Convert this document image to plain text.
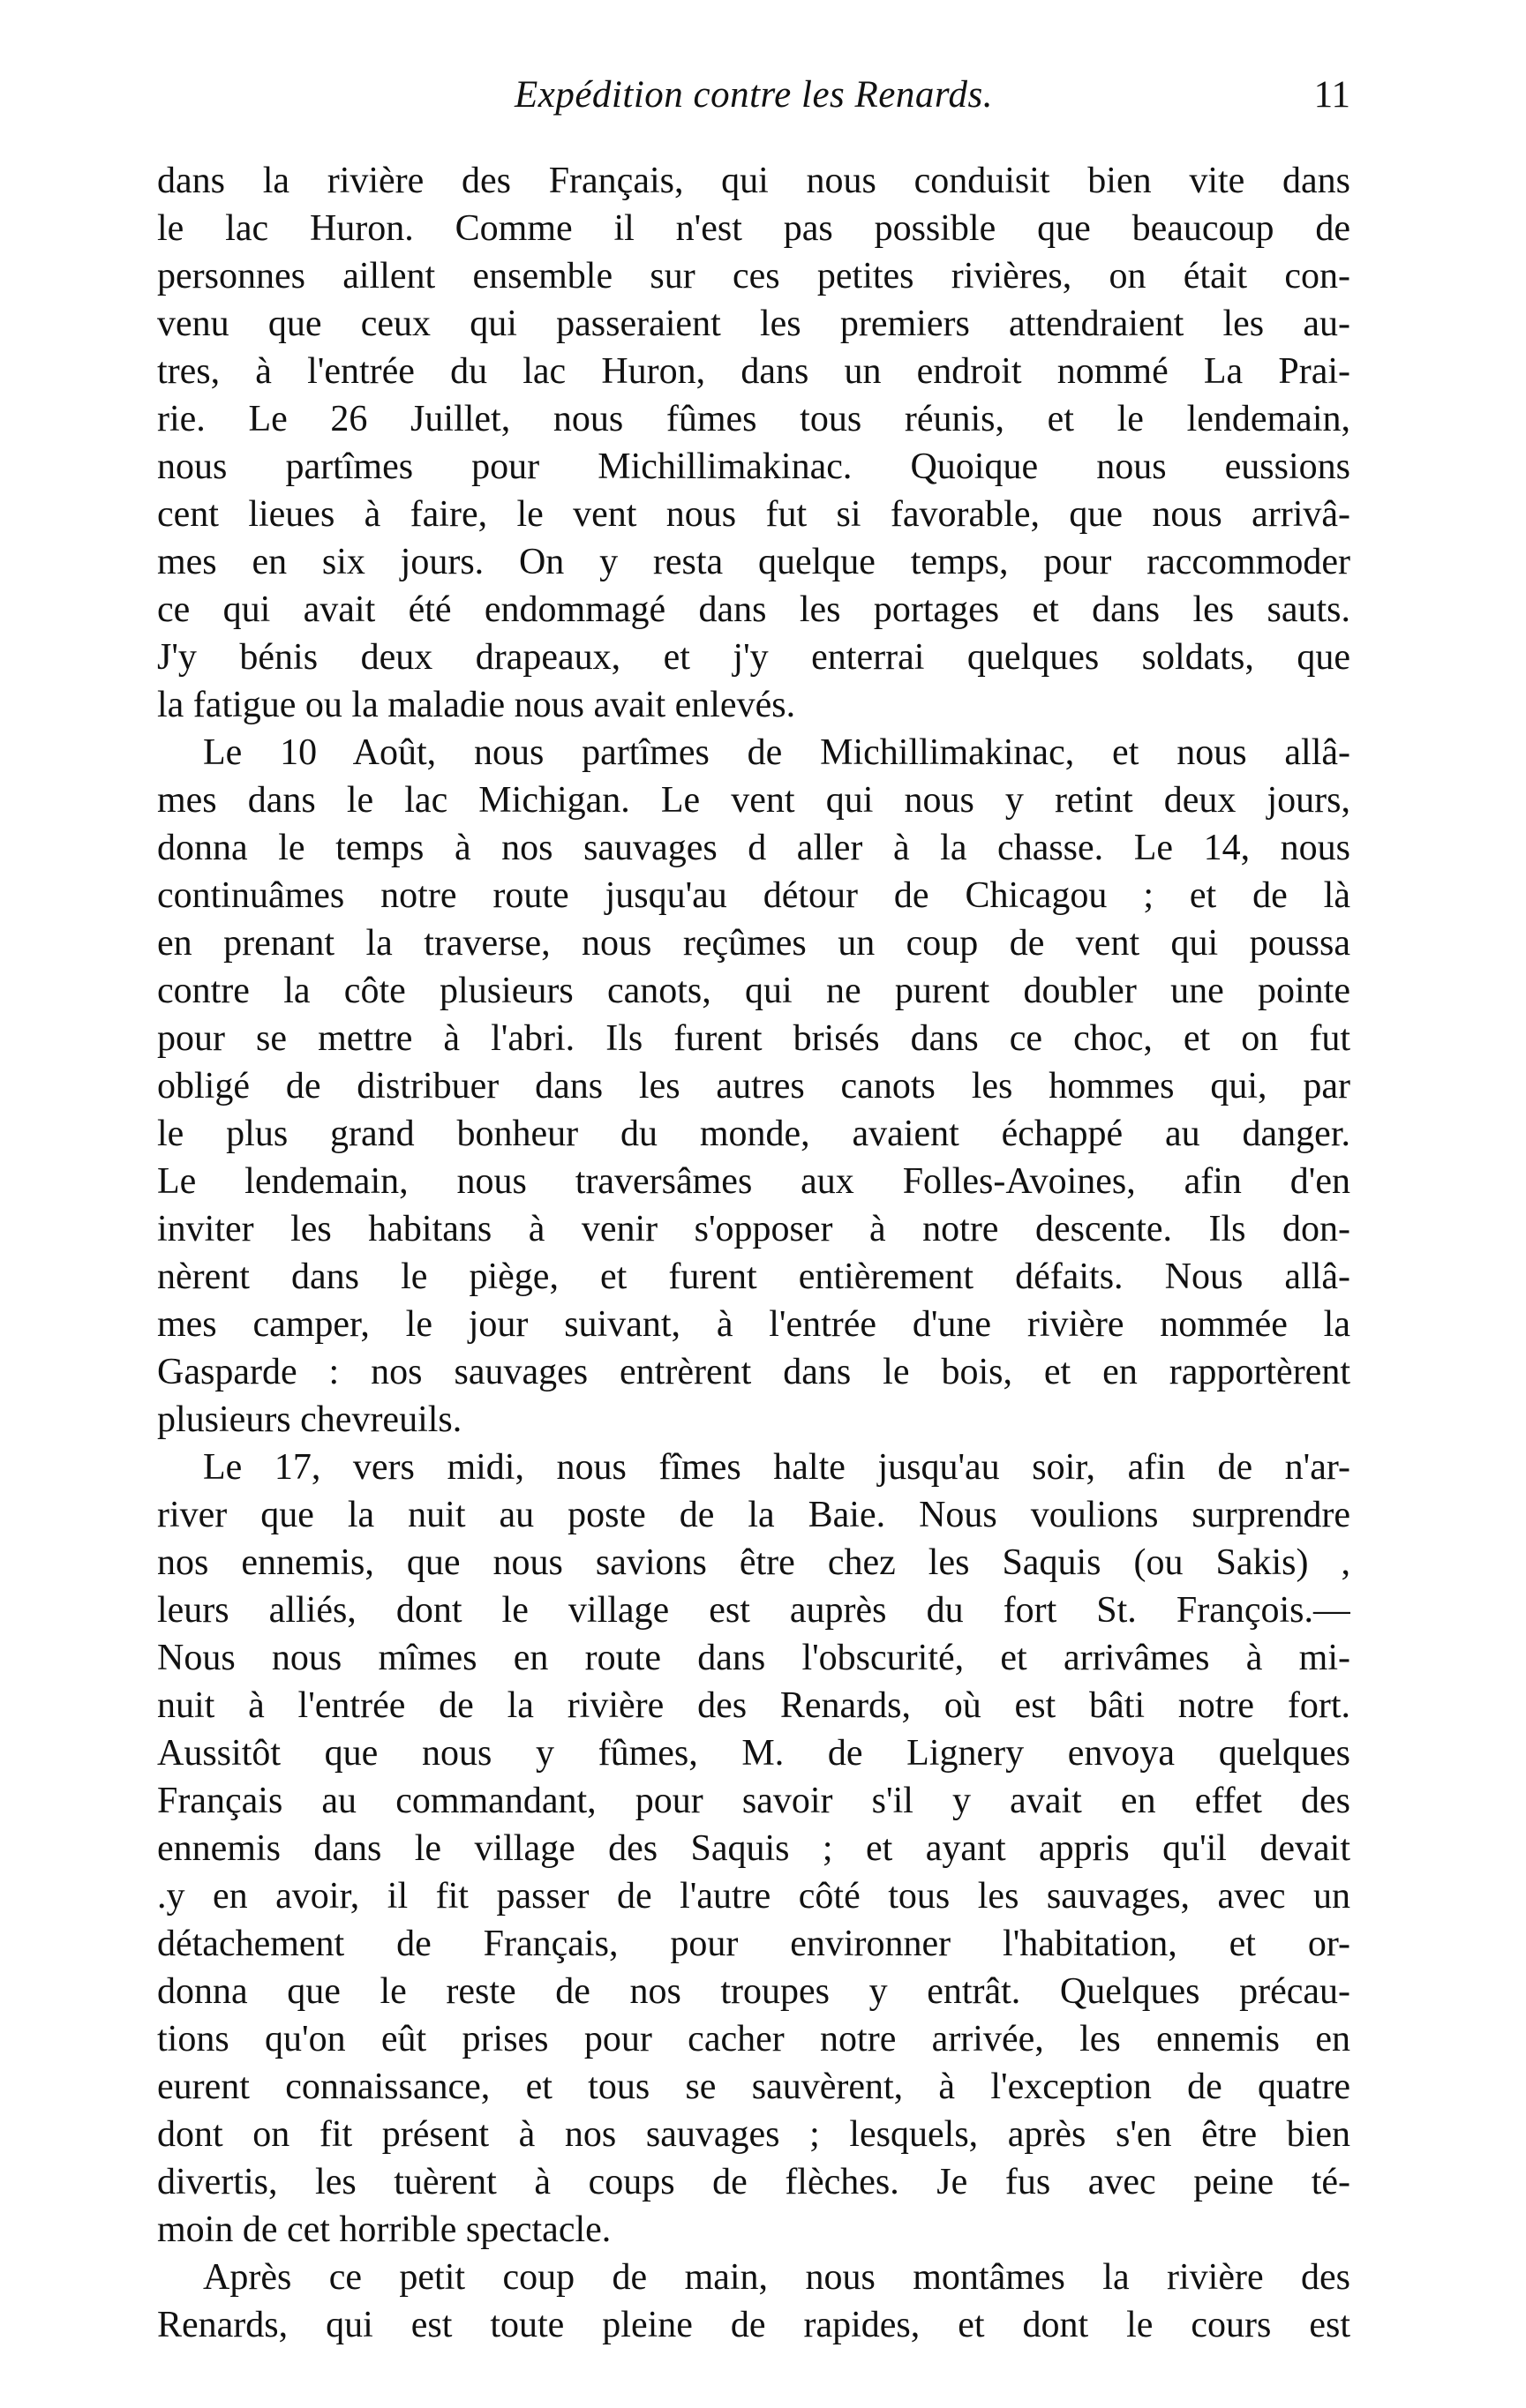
Expédition contre les Renards.	11
dans la rivière des Français, qui nous conduisit bien vite dans
le lac Huron. Comme il n'est pas possible que beaucoup de
personnes aillent ensemble sur ces petites rivières, on était con-
venu que ceux qui passeraient les premiers attendraient les au-
tres, à l'entrée du lac Huron, dans un endroit nommé La Prai-
rie. Le 26 Juillet, nous fûmes tous réunis, et le lendemain,
nous partîmes pour Michillimakinac. Quoique nous eussions
cent lieues à faire, le vent nous fut si favorable, que nous arrivâ-
mes en six jours. On y resta quelque temps, pour raccommoder
ce qui avait été endommagé dans les portages et dans les sauts.
J'y bénis deux drapeaux, et j'y enterrai quelques soldats, que
la fatigue ou la maladie nous avait enlevés.
Le 10 Août, nous partîmes de Michillimakinac, et nous allâ-
mes dans le lac Michigan. Le vent qui nous y retint deux jours,
donna le temps à nos sauvages d aller à la chasse. Le 14, nous
continuâmes notre route jusqu'au détour de Chicagou ; et de là
en prenant la traverse, nous reçûmes un coup de vent qui poussa
contre la côte plusieurs canots, qui ne purent doubler une pointe
pour se mettre à l'abri. Ils furent brisés dans ce choc, et on fut
obligé de distribuer dans les autres canots les hommes qui, par
le plus grand bonheur du monde, avaient échappé au danger.
Le lendemain, nous traversâmes aux Folles-Avoines, afin d'en
inviter les habitans à venir s'opposer à notre descente. Ils don-
nèrent dans le piège, et furent entièrement défaits. Nous allâ-
mes camper, le jour suivant, à l'entrée d'une rivière nommée la
Gasparde : nos sauvages entrèrent dans le bois, et en rapportèrent
plusieurs chevreuils.
Le 17, vers midi, nous fîmes halte jusqu'au soir, afin de n'ar-
river que la nuit au poste de la Baie. Nous voulions surprendre
nos ennemis, que nous savions être chez les Saquis (ou Sakis) ,
leurs alliés, dont le village est auprès du fort St. François.—
Nous nous mîmes en route dans l'obscurité, et arrivâmes à mi-
nuit à l'entrée de la rivière des Renards, où est bâti notre fort.
Aussitôt que nous y fûmes, M. de Lignery envoya quelques
Français au commandant, pour savoir s'il y avait en effet des
ennemis dans le village des Saquis ; et ayant appris qu'il devait
.y en avoir, il fit passer de l'autre côté tous les sauvages, avec un
détachement de Français, pour environner l'habitation, et or-
donna que le reste de nos troupes y entrât. Quelques précau-
tions qu'on eût prises pour cacher notre arrivée, les ennemis en
eurent connaissance, et tous se sauvèrent, à l'exception de quatre
dont on fit présent à nos sauvages ; lesquels, après s'en être bien
divertis, les tuèrent à coups de flèches. Je fus avec peine té-
moin de cet horrible spectacle.
Après ce petit coup de main, nous montâmes la rivière des
Renards, qui est toute pleine de rapides, et dont le cours est
